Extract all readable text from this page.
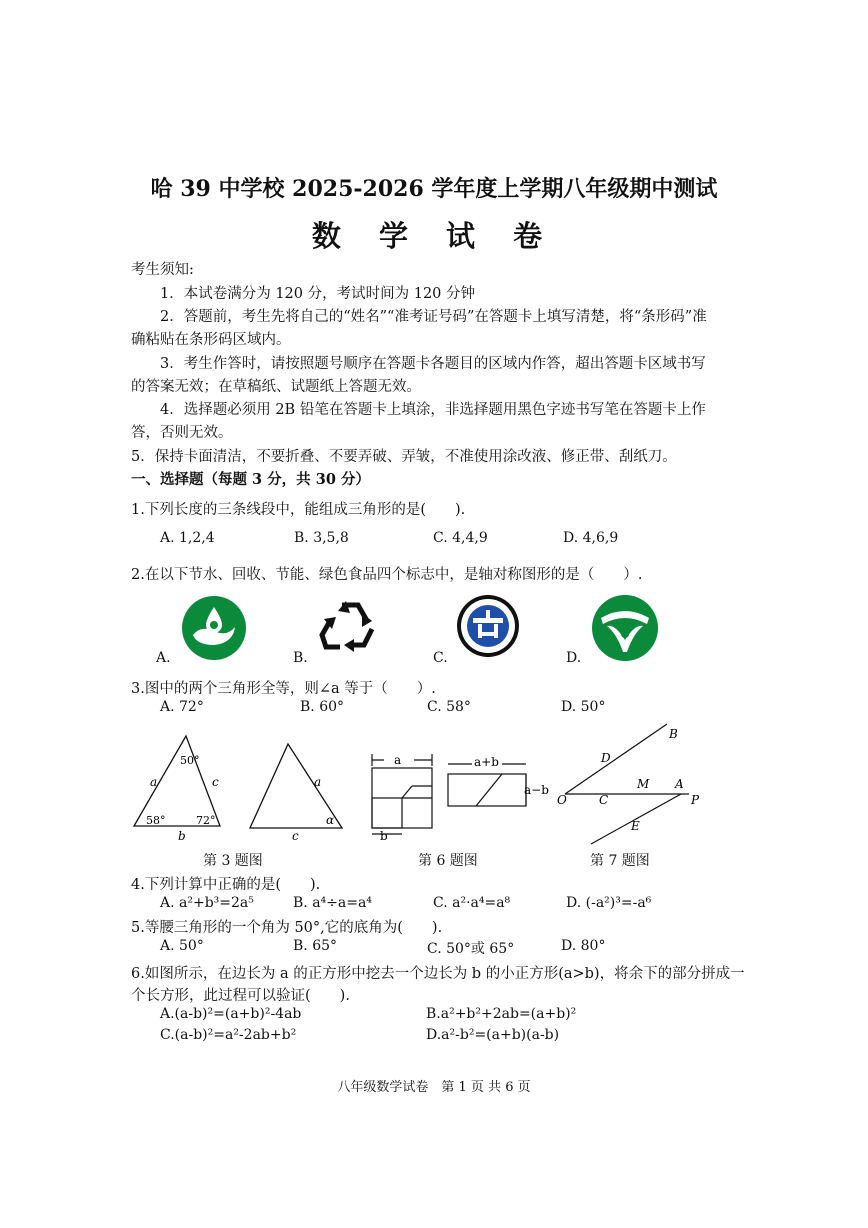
哈 39 中学校 2025-2026 学年度上学期八年级期中测试
数 学 试 卷
考生须知:
1．本试卷满分为 120 分，考试时间为 120 分钟
2．答题前，考生先将自己的“姓名”“准考证号码”在答题卡上填写清楚，将“条形码”准
确粘贴在条形码区域内。
3．考生作答时，请按照题号顺序在答题卡各题目的区域内作答，超出答题卡区域书写
的答案无效；在草稿纸、试题纸上答题无效。
4．选择题必须用 2B 铅笔在答题卡上填涂，非选择题用黑色字迹书写笔在答题卡上作
答，否则无效。
5．保持卡面清洁，不要折叠、不要弄破、弄皱，不准使用涂改液、修正带、刮纸刀。
一、选择题（每题 3 分，共 30 分）
1.下列长度的三条线段中，能组成三角形的是(　　).
A. 1,2,4	B. 3,5,8	C. 4,4,9	D. 4,6,9
2.在以下节水、回收、节能、绿色食品四个标志中，是轴对称图形的是（　　）.
A.	B.	C.	D.
3.图中的两个三角形全等，则∠a 等于（　　）.
A. 72°	B. 60°	C. 58°	D. 50°
50°
58°	72°
a	c
b
a
c
α
a
b
a+b
a−b
B
D
M A
O	C	P
E
第 3 题图	第 6 题图	第 7 题图
4.下列计算中正确的是(　　).
A. a²+b³=2a⁵	B. a⁴÷a=a⁴	C. a²·a⁴=a⁸	D. (-a²)³=-a⁶
5.等腰三角形的一个角为 50°,它的底角为(　　).
A. 50°	B. 65°	C. 50°或 65°	D. 80°
6.如图所示，在边长为 a 的正方形中挖去一个边长为 b 的小正方形(a>b)，将余下的部分拼成一
个长方形，此过程可以验证(　　).
A.(a-b)²=(a+b)²-4ab	B.a²+b²+2ab=(a+b)²
C.(a-b)²=a²-2ab+b²	D.a²-b²=(a+b)(a-b)
八年级数学试卷　第 1 页 共 6 页
